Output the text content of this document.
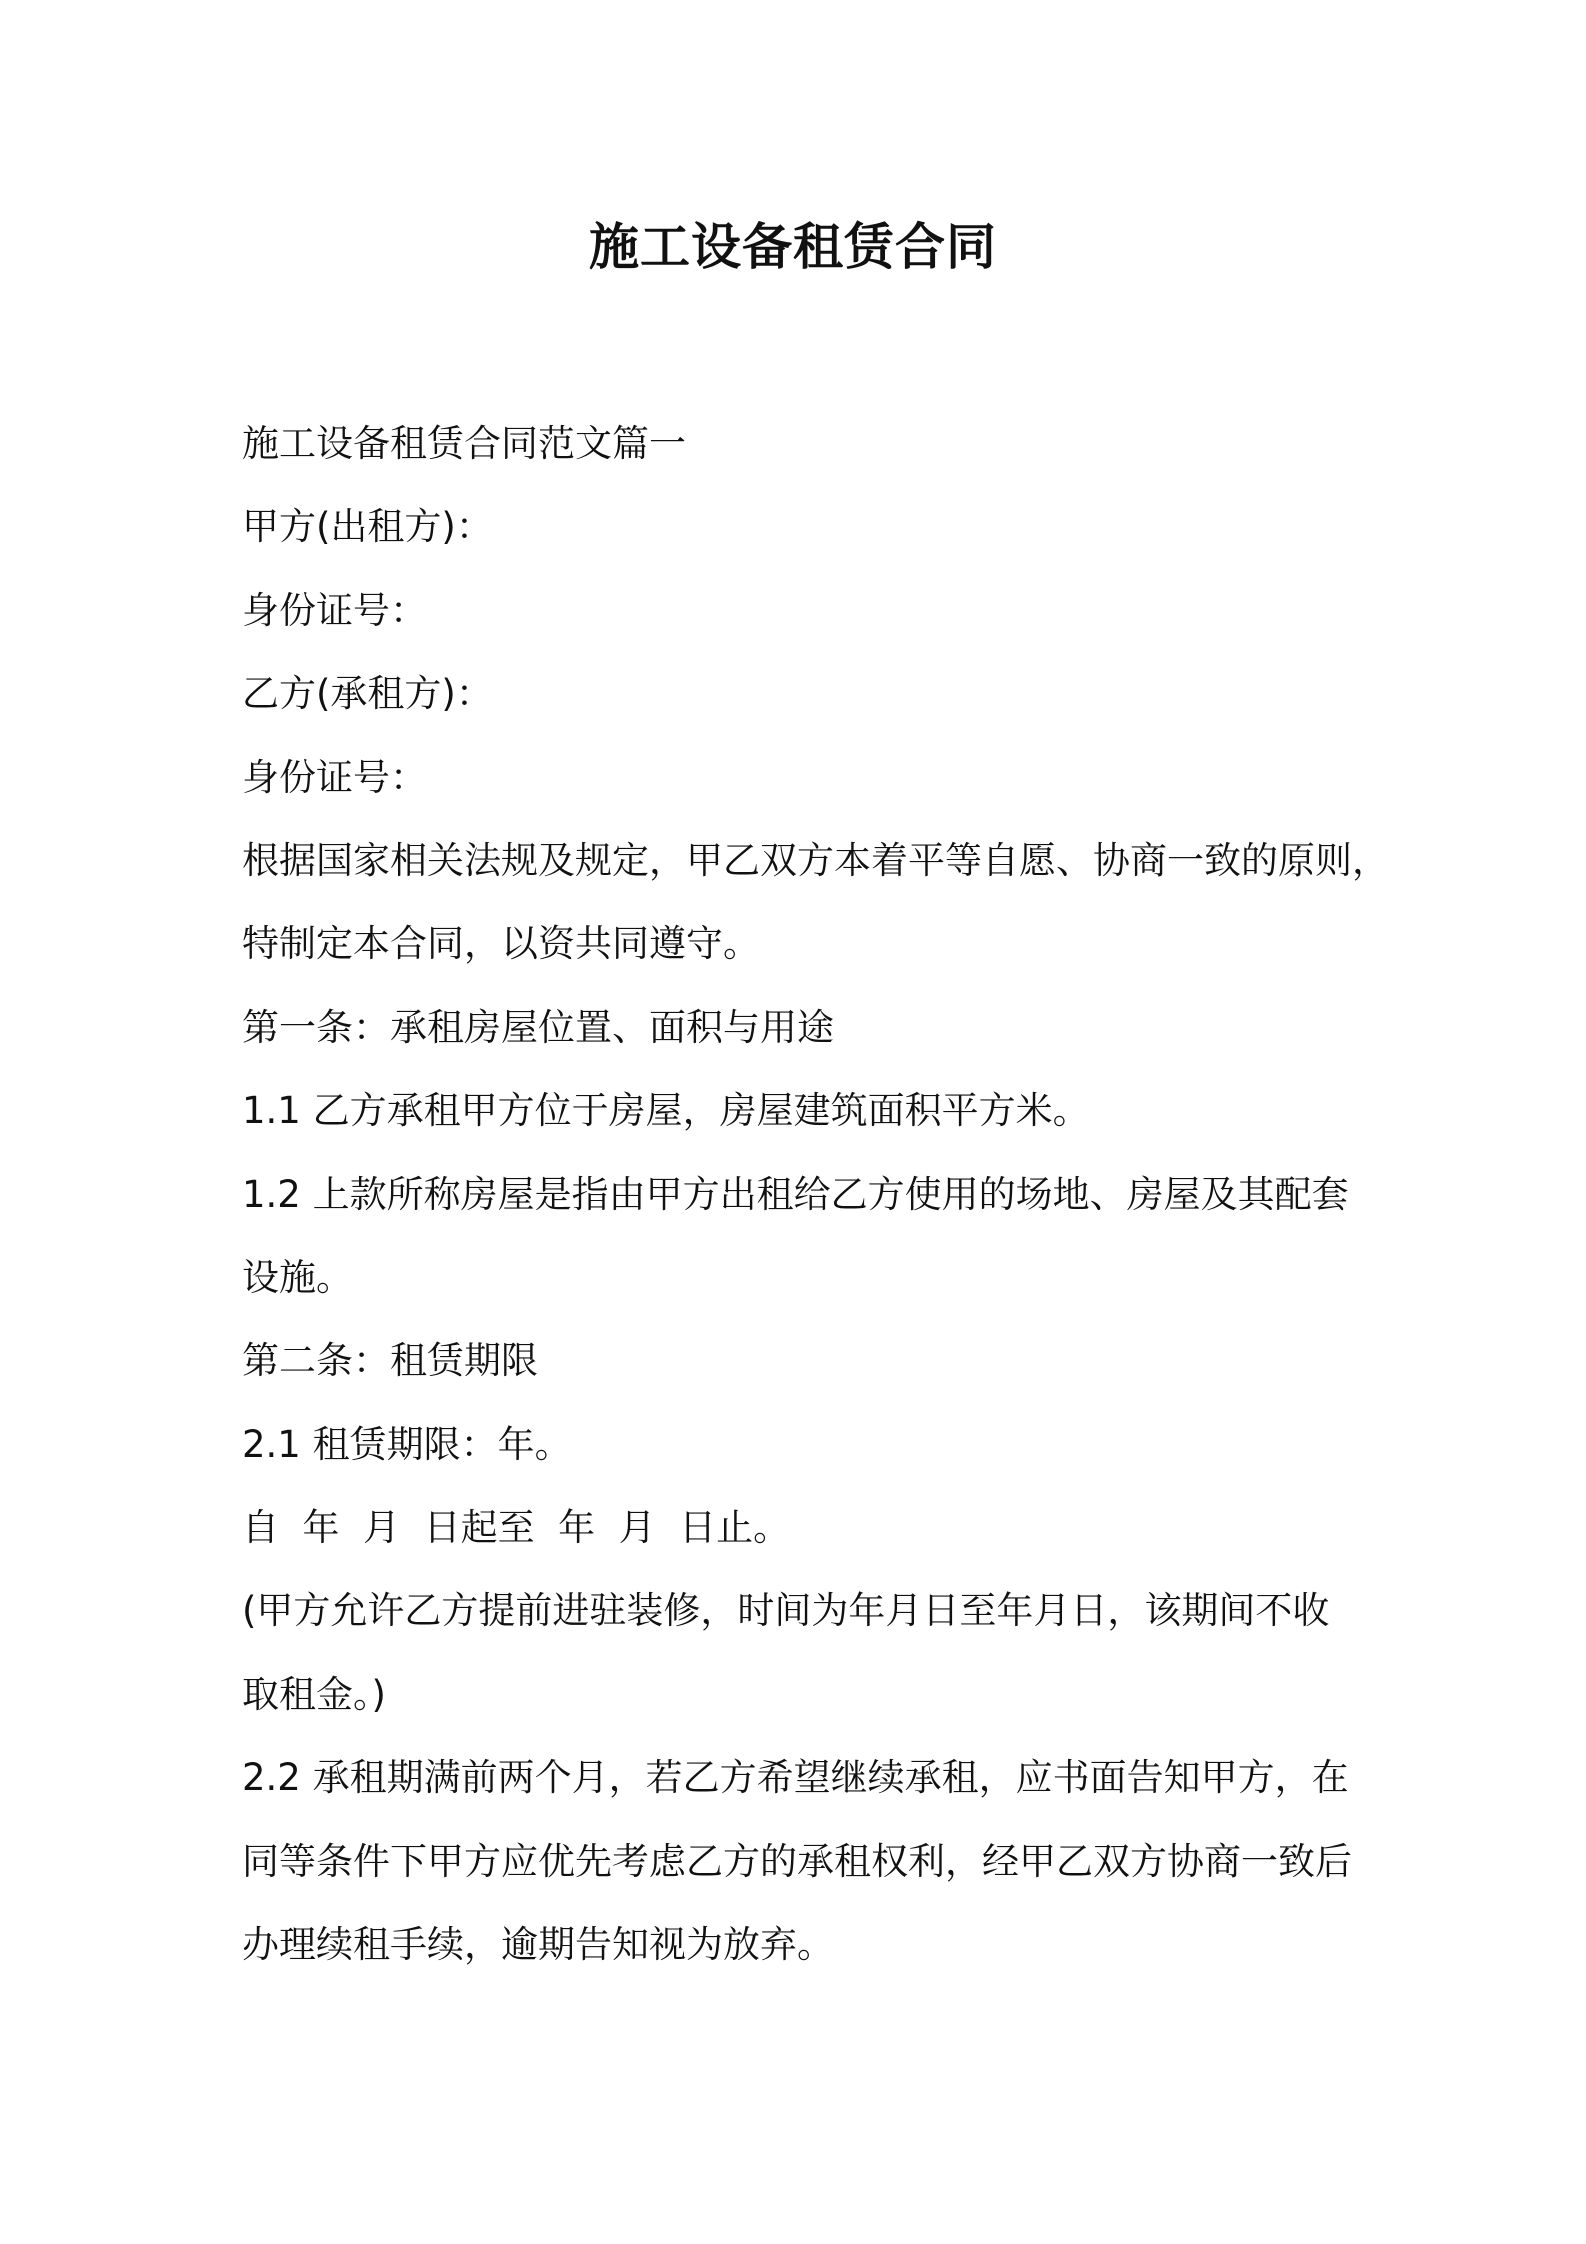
施工设备租赁合同
施工设备租赁合同范文篇一
甲方(出租方)：
身份证号：
乙方(承租方)：
身份证号：
根据国家相关法规及规定，甲乙双方本着平等自愿、协商一致的原则，
特制定本合同，以资共同遵守。
第一条：承租房屋位置、面积与用途
1.1 乙方承租甲方位于房屋，房屋建筑面积平方米。
1.2 上款所称房屋是指由甲方出租给乙方使用的场地、房屋及其配套
设施。
第二条：租赁期限
2.1 租赁期限：年。
自  年  月  日起至  年  月  日止。
(甲方允许乙方提前进驻装修，时间为年月日至年月日，该期间不收
取租金。)
2.2 承租期满前两个月，若乙方希望继续承租，应书面告知甲方，在
同等条件下甲方应优先考虑乙方的承租权利，经甲乙双方协商一致后
办理续租手续，逾期告知视为放弃。
